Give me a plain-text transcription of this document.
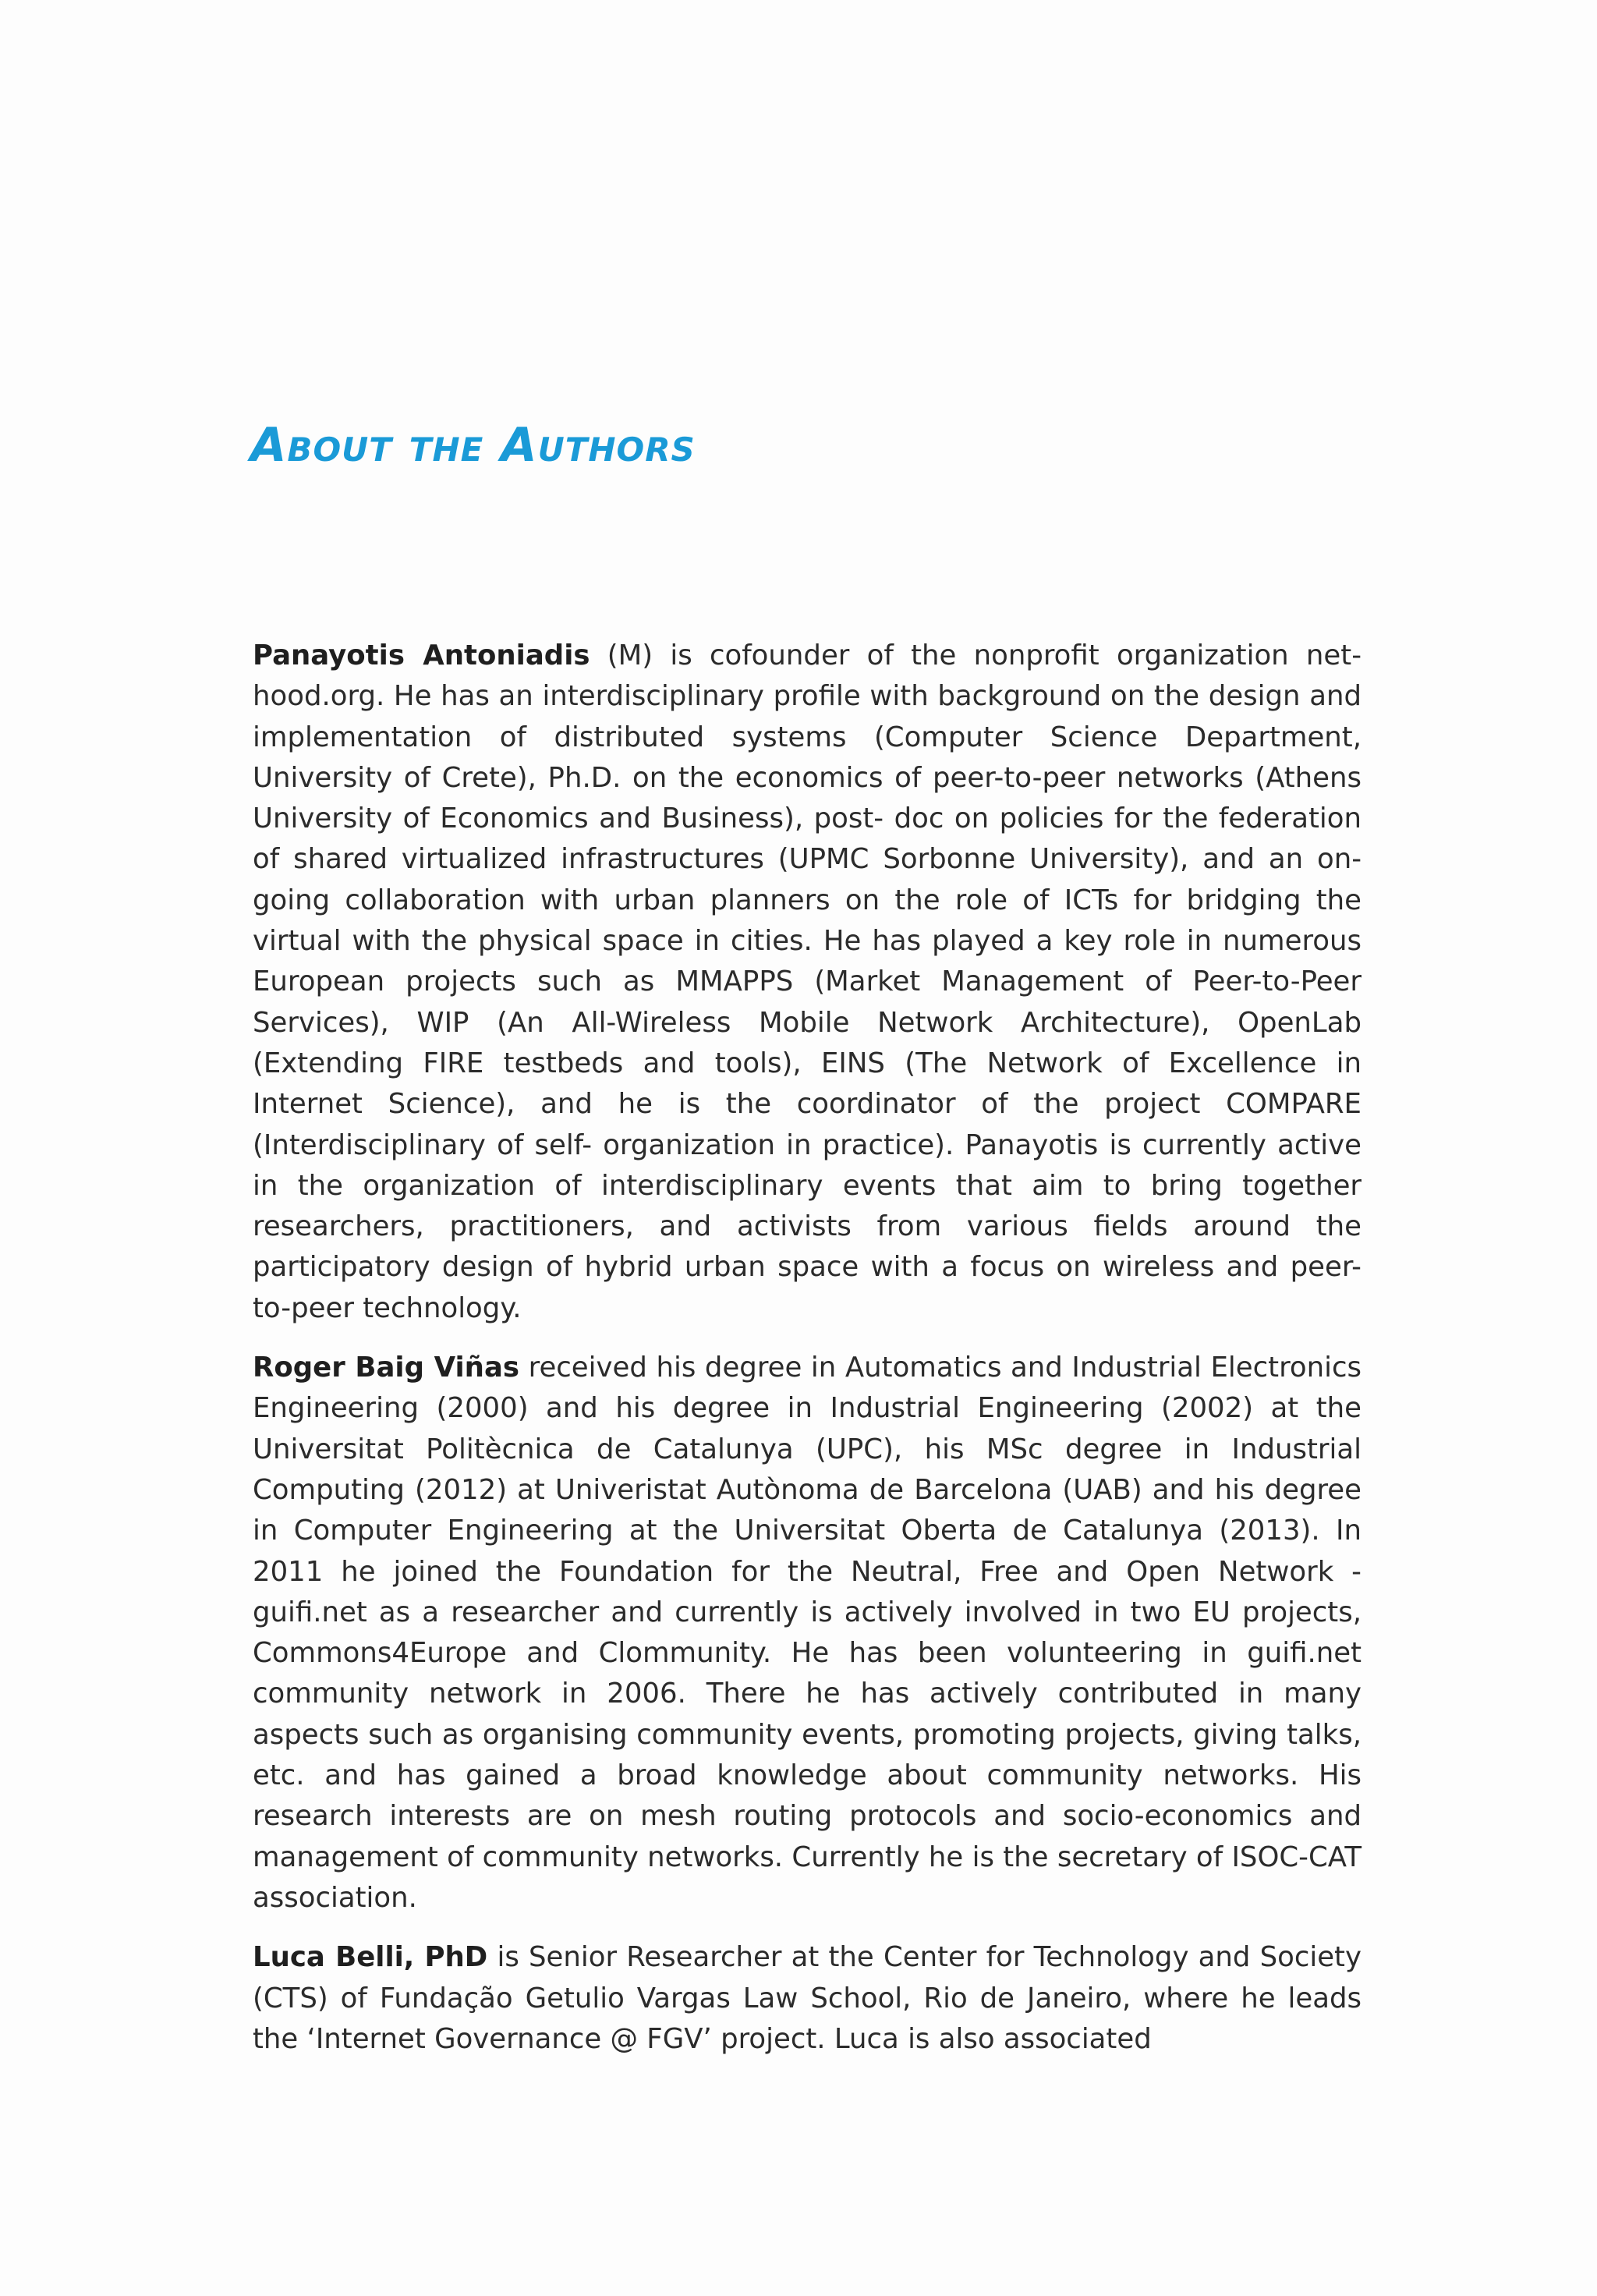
About the Authors

Panayotis Antoniadis (M) is cofounder of the nonprofit organization nethood.org. He has an interdisciplinary profile with background on the design and implementation of distributed systems (Computer Science Department, University of Crete), Ph.D. on the economics of peer-to-peer networks (Athens University of Economics and Business), post- doc on policies for the federation of shared virtualized infrastructures (UPMC Sorbonne University), and an on-going collaboration with urban planners on the role of ICTs for bridging the virtual with the physical space in cities. He has played a key role in numerous European projects such as MMAPPS (Market Management of Peer-to-Peer Services), WIP (An All-Wireless Mobile Network Architecture), OpenLab (Extending FIRE testbeds and tools), EINS (The Network of Excellence in Internet Science), and he is the coordinator of the project COMPARE (Interdisciplinary of self- organization in practice). Panayotis is currently active in the organization of interdisciplinary events that aim to bring together researchers, practitioners, and activists from various fields around the participatory design of hybrid urban space with a focus on wireless and peer-to-peer technology.

Roger Baig Viñas received his degree in Automatics and Industrial Electronics Engineering (2000) and his degree in Industrial Engineering (2002) at the Universitat Politècnica de Catalunya (UPC), his MSc degree in Industrial Computing (2012) at Univeristat Autònoma de Barcelona (UAB) and his degree in Computer Engineering at the Universitat Oberta de Catalunya (2013). In 2011 he joined the Foundation for the Neutral, Free and Open Network - guifi.net as a researcher and currently is actively involved in two EU projects, Commons4Europe and Clommunity. He has been volunteering in guifi.net community network in 2006. There he has actively contributed in many aspects such as organising community events, promoting projects, giving talks, etc. and has gained a broad knowledge about community networks. His research interests are on mesh routing protocols and socio-economics and management of community networks. Currently he is the secretary of ISOC-CAT association.

Luca Belli, PhD is Senior Researcher at the Center for Technology and Society (CTS) of Fundação Getulio Vargas Law School, Rio de Janeiro, where he leads the ‘Internet Governance @ FGV’ project. Luca is also associated
